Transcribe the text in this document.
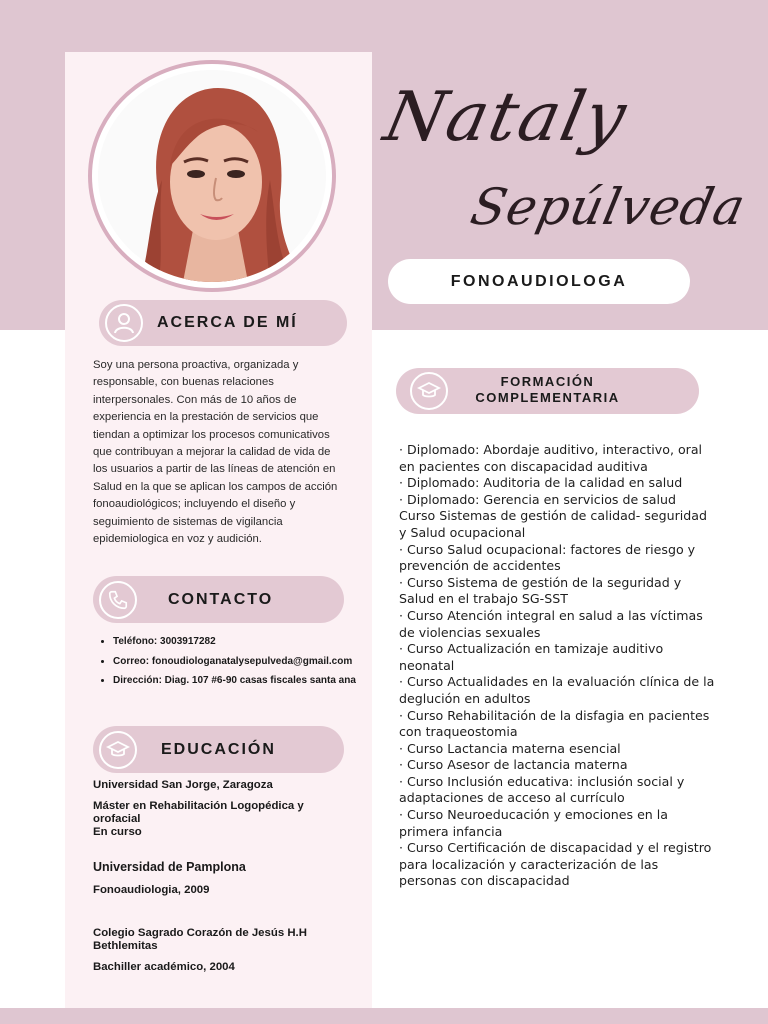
Nataly
Sepúlveda
FONOAUDIOLOGA
ACERCA DE MÍ
Soy una persona proactiva, organizada y responsable, con buenas relaciones interpersonales. Con más de 10 años de experiencia en la prestación de servicios que tiendan a optimizar los procesos comunicativos que contribuyan a mejorar la calidad de vida de los usuarios a partir de las líneas de atención en Salud en la que se aplican los campos de acción fonoaudiológicos; incluyendo el diseño y seguimiento de sistemas de vigilancia epidemiologica en voz y audición.
CONTACTO
• Teléfono: 3003917282
• Correo: fonoudiologanatalysepulveda@gmail.com
• Dirección: Diag. 107 #6-90 casas fiscales santa ana
EDUCACIÓN
Universidad San Jorge, Zaragoza
Máster en Rehabilitación Logopédica y orofacial
En curso
Universidad de Pamplona
Fonoaudiologia, 2009
Colegio Sagrado Corazón de Jesús H.H Bethlemitas
Bachiller académico, 2004
FORMACIÓN
COMPLEMENTARIA
· Diplomado: Abordaje auditivo, interactivo, oral en pacientes con discapacidad auditiva
· Diplomado: Auditoria de la calidad en salud
· Diplomado: Gerencia en servicios de salud
Curso Sistemas de gestión de calidad- seguridad y Salud ocupacional
· Curso Salud ocupacional: factores de riesgo y prevención de accidentes
· Curso Sistema de gestión de la seguridad y Salud en el trabajo SG-SST
· Curso Atención integral en salud a las víctimas de violencias sexuales
· Curso Actualización en tamizaje auditivo neonatal
· Curso Actualidades en la evaluación clínica de la deglución en adultos
· Curso Rehabilitación de la disfagia en pacientes con traqueostomia
· Curso Lactancia materna esencial
· Curso Asesor de lactancia materna
· Curso Inclusión educativa: inclusión social y adaptaciones de acceso al currículo
· Curso Neuroeducación y emociones en la primera infancia
· Curso Certificación de discapacidad y el registro para localización y caracterización de las personas con discapacidad
